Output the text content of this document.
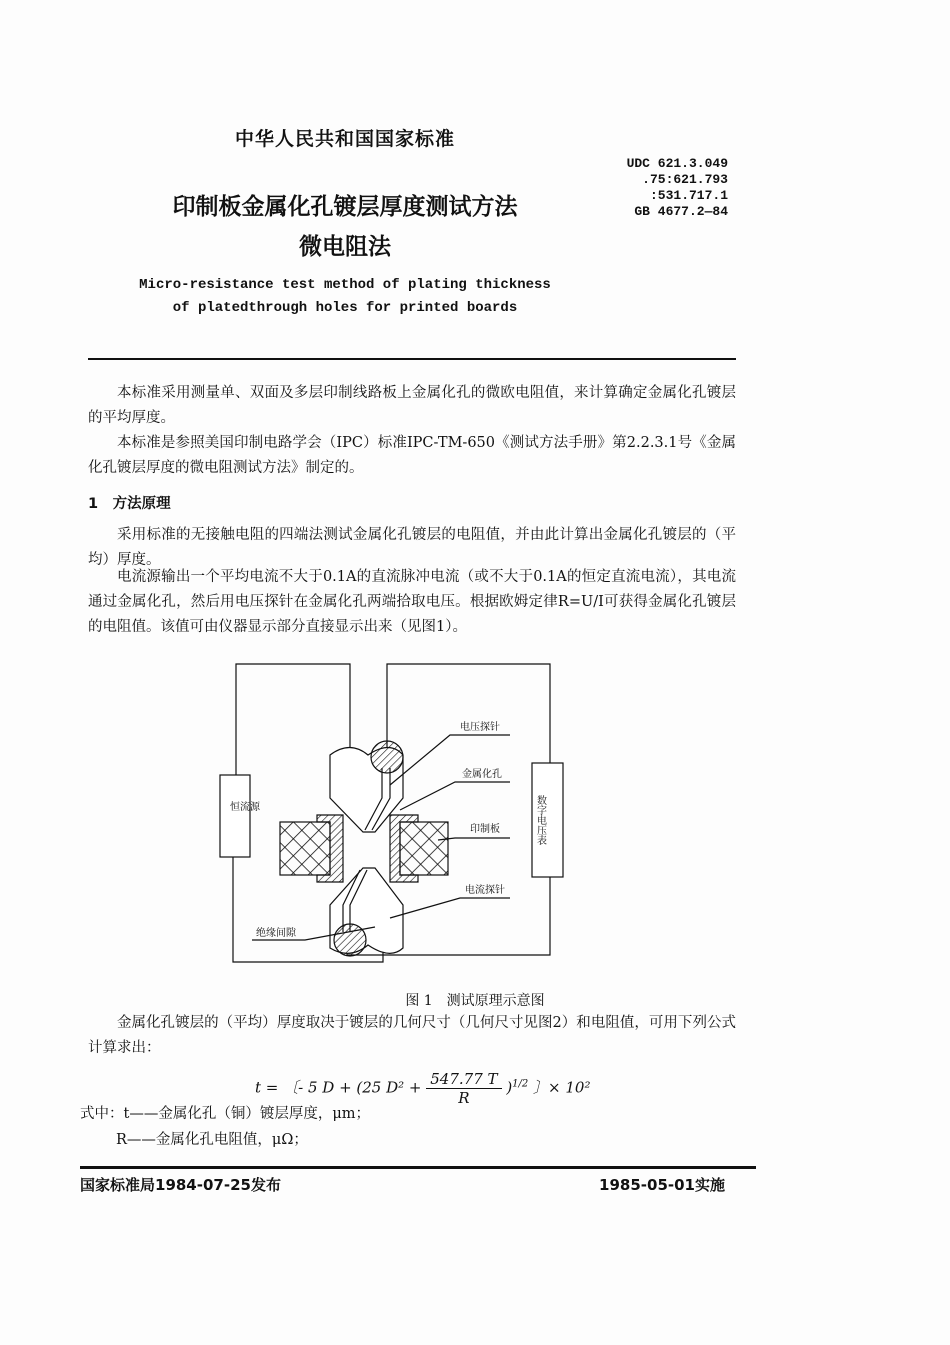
中华人民共和国国家标准
UDC 621.3.049
.75:621.793
:531.717.1
GB 4677.2—84
印制板金属化孔镀层厚度测试方法
微电阻法
Micro-resistance test method of plating thickness
of platedthrough holes for printed boards
本标准采用测量单、双面及多层印制线路板上金属化孔的微欧电阻值，来计算确定金属化孔镀层的平均厚度。
本标准是参照美国印制电路学会（IPC）标准IPC-TM-650《测试方法手册》第2.2.3.1号《金属化孔镀层厚度的微电阻测试方法》制定的。
1　方法原理
采用标准的无接触电阻的四端法测试金属化孔镀层的电阻值，并由此计算出金属化孔镀层的（平均）厚度。
电流源输出一个平均电流不大于0.1A的直流脉冲电流（或不大于0.1A的恒定直流电流），其电流通过金属化孔，然后用电压探针在金属化孔两端拾取电压。根据欧姆定律R=U/I可获得金属化孔镀层的电阻值。该值可由仪器显示部分直接显示出来（见图1）。
恒流源	数字电压表
电压探针
金属化孔
印制板
电流探针
绝缘间隙
图 1　测试原理示意图
金属化孔镀层的（平均）厚度取决于镀层的几何尺寸（几何尺寸见图2）和电阻值，可用下列公式计算求出：
t = 〔- 5 D + (25 $D^2 + \frac{547.77 T}{R} )^{1/2}$ 〕× 10²
式中：t——金属化孔（铜）镀层厚度，μm；
R——金属化孔电阻值，μΩ；
国家标准局1984-07-25发布	1985-05-01实施
